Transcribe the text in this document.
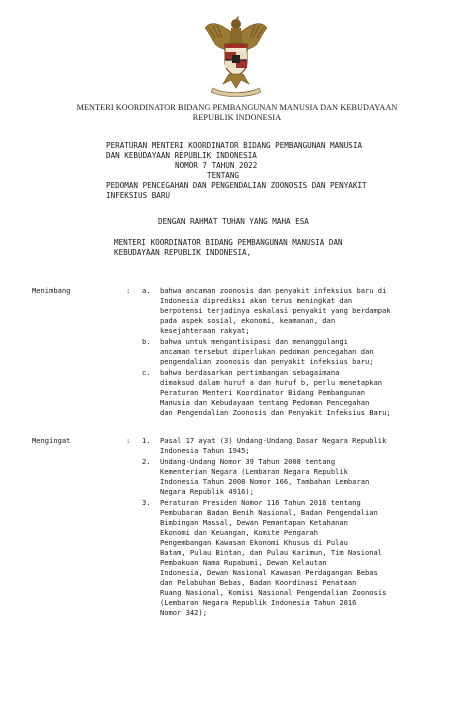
MENTERI KOORDINATOR BIDANG PEMBANGUNAN MANUSIA DAN KEBUDAYAAN
REPUBLIK INDONESIA
PERATURAN MENTERI KOORDINATOR BIDANG PEMBANGUNAN MANUSIA
DAN KEBUDAYAAN REPUBLIK INDONESIA
NOMOR 7 TAHUN 2022
TENTANG
PEDOMAN PENCEGAHAN DAN PENGENDALIAN ZOONOSIS DAN PENYAKIT
INFEKSIUS BARU
DENGAN RAHMAT TUHAN YANG MAHA ESA
MENTERI KOORDINATOR BIDANG PEMBANGUNAN MANUSIA DAN
KEBUDAYAAN REPUBLIK INDONESIA,
Menimbang	: a. bahwa ancaman zoonosis dan penyakit infeksius baru di
Indonesia diprediksi akan terus meningkat dan
berpotensi terjadinya eskalasi penyakit yang berdampak
pada aspek sosial, ekonomi, keamanan, dan
kesejahteraan rakyat;
b. bahwa untuk mengantisipasi dan menanggulangi
ancaman tersebut diperlukan pedoman pencegahan dan
pengendalian zoonosis dan penyakit infeksius baru;
c. bahwa berdasarkan pertimbangan sebagaimana
dimaksud dalam huruf a dan huruf b, perlu menetapkan
Peraturan Menteri Koordinator Bidang Pembangunan
Manusia dan Kebudayaan tentang Pedoman Pencegahan
dan Pengendalian Zoonosis dan Penyakit Infeksius Baru;
Mengingat	: 1. Pasal 17 ayat (3) Undang-Undang Dasar Negara Republik
Indonesia Tahun 1945;
2. Undang-Undang Nomor 39 Tahun 2008 tentang
Kementerian Negara (Lembaran Negara Republik
Indonesia Tahun 2008 Nomor 166, Tambahan Lembaran
Negara Republik 4916);
3. Peraturan Presiden Nomor 116 Tahun 2016 tentang
Pembubaran Badan Benih Nasional, Badan Pengendalian
Bimbingan Massal, Dewan Pemantapan Ketahanan
Ekonomi dan Keuangan, Komite Pengarah
Pengembangan Kawasan Ekonomi Khusus di Pulau
Batam, Pulau Bintan, dan Pulau Karimun, Tim Nasional
Pembakuan Nama Rupabumi, Dewan Kelautan
Indonesia, Dewan Nasional Kawasan Perdagangan Bebas
dan Pelabuhan Bebas, Badan Koordinasi Penataan
Ruang Nasional, Komisi Nasional Pengendalian Zoonosis
(Lembaran Negara Republik Indonesia Tahun 2016
Nomor 342);
